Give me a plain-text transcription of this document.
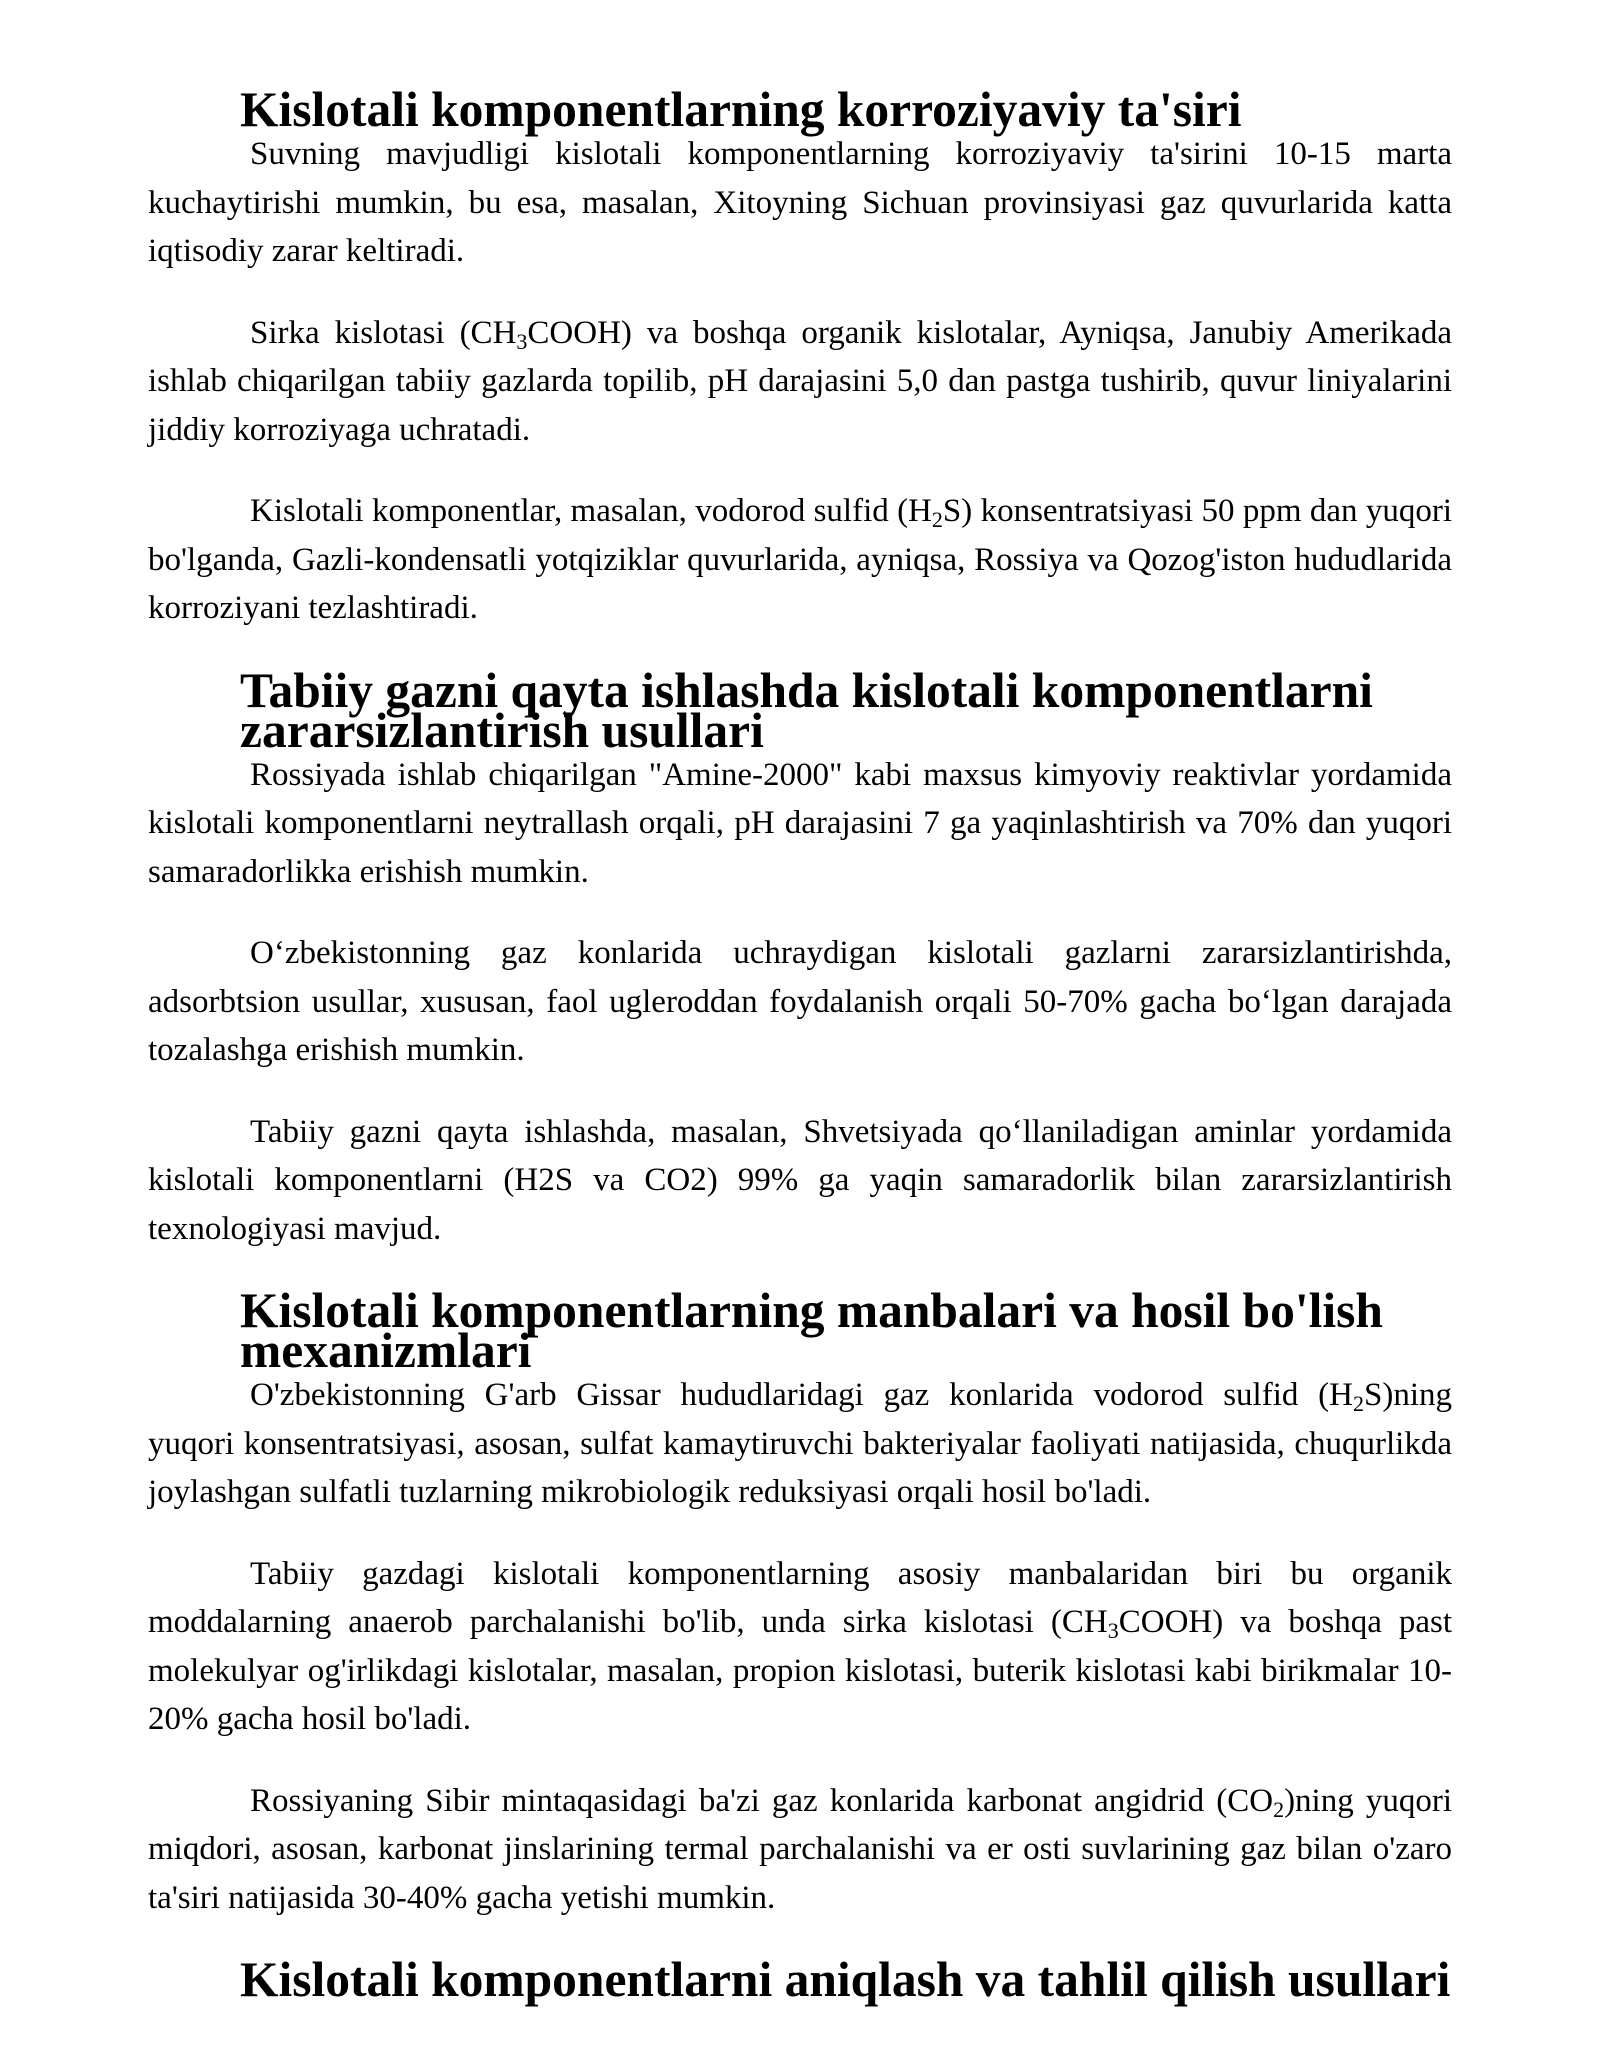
Kislotali komponentlarning korroziyaviy ta'siri

Suvning mavjudligi kislotali komponentlarning korroziyaviy ta'sirini 10-15 marta kuchaytirishi mumkin, bu esa, masalan, Xitoyning Sichuan provinsiyasi gaz quvurlarida katta iqtisodiy zarar keltiradi.

Sirka kislotasi $(CH_3COOH)$ va boshqa organik kislotalar, Ayniqsa, Janubiy Amerikada ishlab chiqarilgan tabiiy gazlarda topilib, pH darajasini 5,0 dan pastga tushirib, quvur liniyalarini jiddiy korroziyaga uchratadi.

Kislotali komponentlar, masalan, vodorod sulfid $(H_2S)$ konsentratsiyasi 50 ppm dan yuqori bo'lganda, Gazli-kondensatli yotqiziklar quvurlarida, ayniqsa, Rossiya va Qozog'iston hududlarida korroziyani tezlashtiradi.

Tabiiy gazni qayta ishlashda kislotali komponentlarni zararsizlantirish usullari

Rossiyada ishlab chiqarilgan "Amine-2000" kabi maxsus kimyoviy reaktivlar yordamida kislotali komponentlarni neytrallash orqali, pH darajasini 7 ga yaqinlashtirish va 70% dan yuqori samaradorlikka erishish mumkin.

O‘zbekistonning gaz konlarida uchraydigan kislotali gazlarni zararsizlantirishda, adsorbtsion usullar, xususan, faol ugleroddan foydalanish orqali 50-70% gacha bo‘lgan darajada tozalashga erishish mumkin.

Tabiiy gazni qayta ishlashda, masalan, Shvetsiyada qo‘llaniladigan aminlar yordamida kislotali komponentlarni (H2S va CO2) 99% ga yaqin samaradorlik bilan zararsizlantirish texnologiyasi mavjud.

Kislotali komponentlarning manbalari va hosil bo'lish mexanizmlari

O'zbekistonning G'arb Gissar hududlaridagi gaz konlarida vodorod sulfid $(H_2S)ning$ yuqori konsentratsiyasi, asosan, sulfat kamaytiruvchi bakteriyalar faoliyati natijasida, chuqurlikda joylashgan sulfatli tuzlarning mikrobiologik reduksiyasi orqali hosil bo'ladi.

Tabiiy gazdagi kislotali komponentlarning asosiy manbalaridan biri bu organik moddalarning anaerob parchalanishi bo'lib, unda sirka kislotasi $(CH_3COOH)$ va boshqa past molekulyar og'irlikdagi kislotalar, masalan, propion kislotasi, buterik kislotasi kabi birikmalar 10-20% gacha hosil bo'ladi.

Rossiyaning Sibir mintaqasidagi ba'zi gaz konlarida karbonat angidrid $(CO_2)ning$ yuqori miqdori, asosan, karbonat jinslarining termal parchalanishi va er osti suvlarining gaz bilan o'zaro ta'siri natijasida 30-40% gacha yetishi mumkin.

Kislotali komponentlarni aniqlash va tahlil qilish usullari
